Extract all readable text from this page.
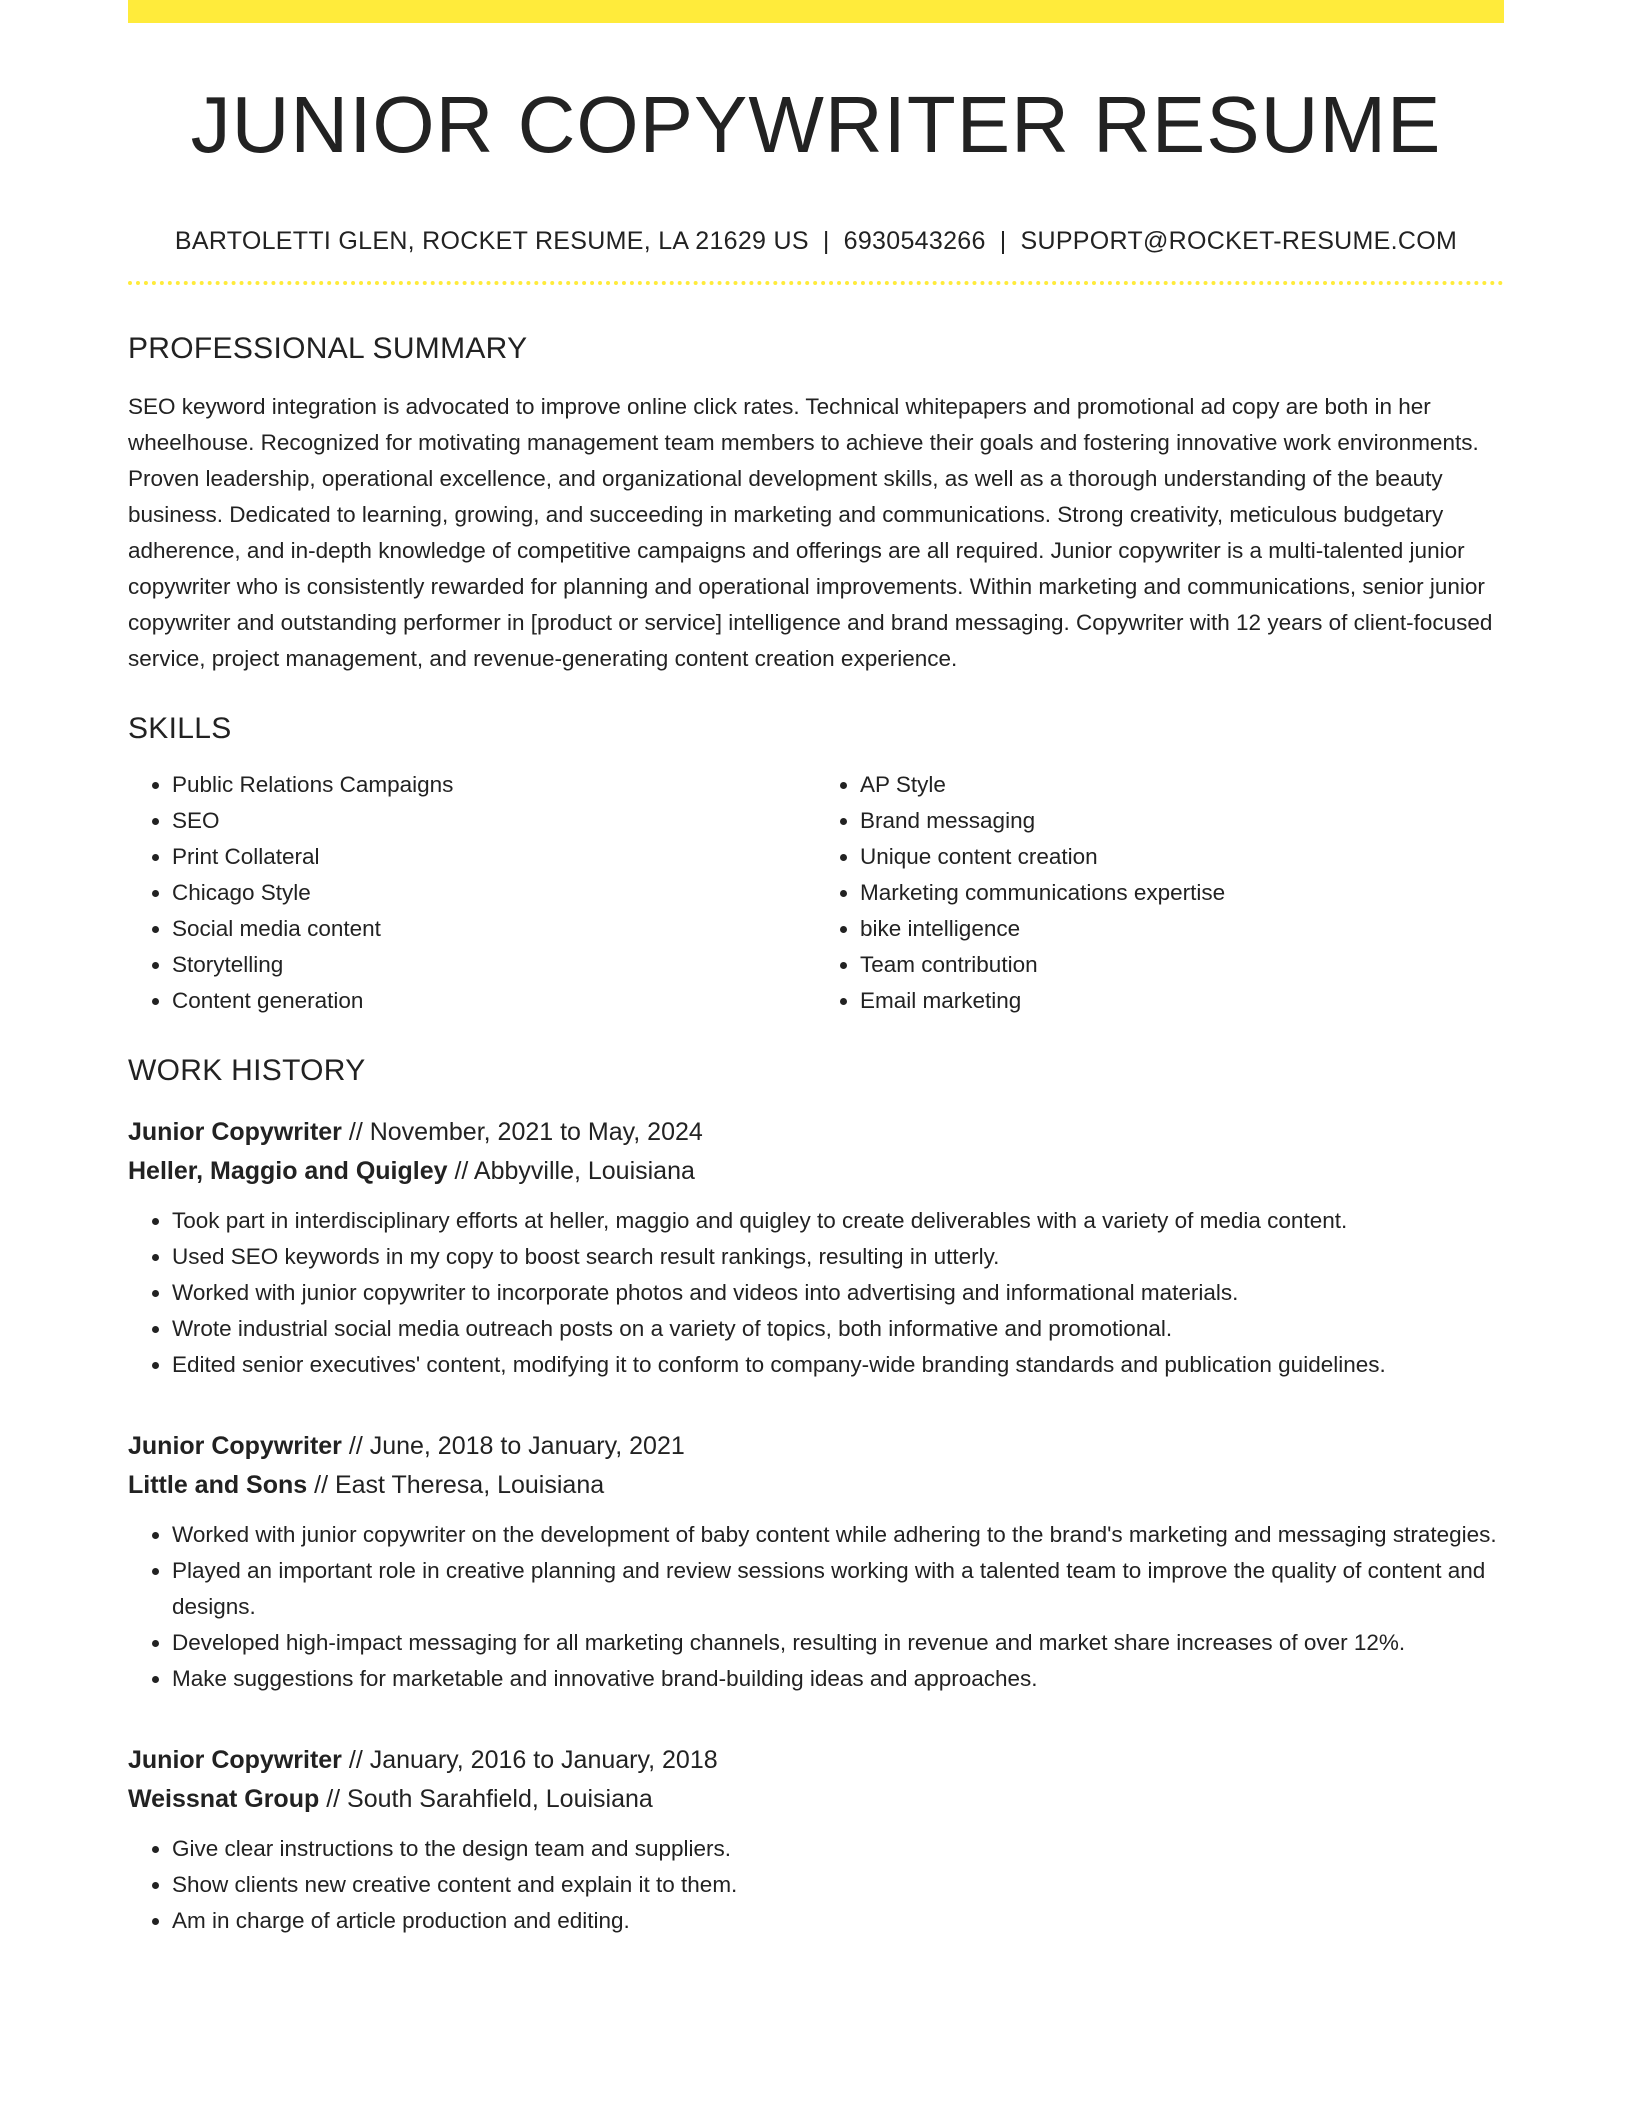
JUNIOR COPYWRITER RESUME
BARTOLETTI GLEN, ROCKET RESUME, LA 21629 US | 6930543266 | SUPPORT@ROCKET-RESUME.COM
PROFESSIONAL SUMMARY

SEO keyword integration is advocated to improve online click rates. Technical whitepapers and promotional ad copy are both in her wheelhouse. Recognized for motivating management team members to achieve their goals and fostering innovative work environments. Proven leadership, operational excellence, and organizational development skills, as well as a thorough understanding of the beauty business. Dedicated to learning, growing, and succeeding in marketing and communications. Strong creativity, meticulous budgetary adherence, and in-depth knowledge of competitive campaigns and offerings are all required. Junior copywriter is a multi-talented junior copywriter who is consistently rewarded for planning and operational improvements. Within marketing and communications, senior junior copywriter and outstanding performer in [product or service] intelligence and brand messaging. Copywriter with 12 years of client-focused service, project management, and revenue-generating content creation experience.

SKILLS
• Public Relations Campaigns
• SEO
• Print Collateral
• Chicago Style
• Social media content
• Storytelling
• Content generation
• AP Style
• Brand messaging
• Unique content creation
• Marketing communications expertise
• bike intelligence
• Team contribution
• Email marketing
WORK HISTORY
Junior Copywriter // November, 2021 to May, 2024
Heller, Maggio and Quigley // Abbyville, Louisiana
• Took part in interdisciplinary efforts at heller, maggio and quigley to create deliverables with a variety of media content.
• Used SEO keywords in my copy to boost search result rankings, resulting in utterly.
• Worked with junior copywriter to incorporate photos and videos into advertising and informational materials.
• Wrote industrial social media outreach posts on a variety of topics, both informative and promotional.
• Edited senior executives' content, modifying it to conform to company-wide branding standards and publication guidelines.
Junior Copywriter // June, 2018 to January, 2021
Little and Sons // East Theresa, Louisiana
• Worked with junior copywriter on the development of baby content while adhering to the brand's marketing and messaging strategies.
• Played an important role in creative planning and review sessions working with a talented team to improve the quality of content and designs.
• Developed high-impact messaging for all marketing channels, resulting in revenue and market share increases of over 12%.
• Make suggestions for marketable and innovative brand-building ideas and approaches.
Junior Copywriter // January, 2016 to January, 2018
Weissnat Group // South Sarahfield, Louisiana
• Give clear instructions to the design team and suppliers.
• Show clients new creative content and explain it to them.
• Am in charge of article production and editing.
